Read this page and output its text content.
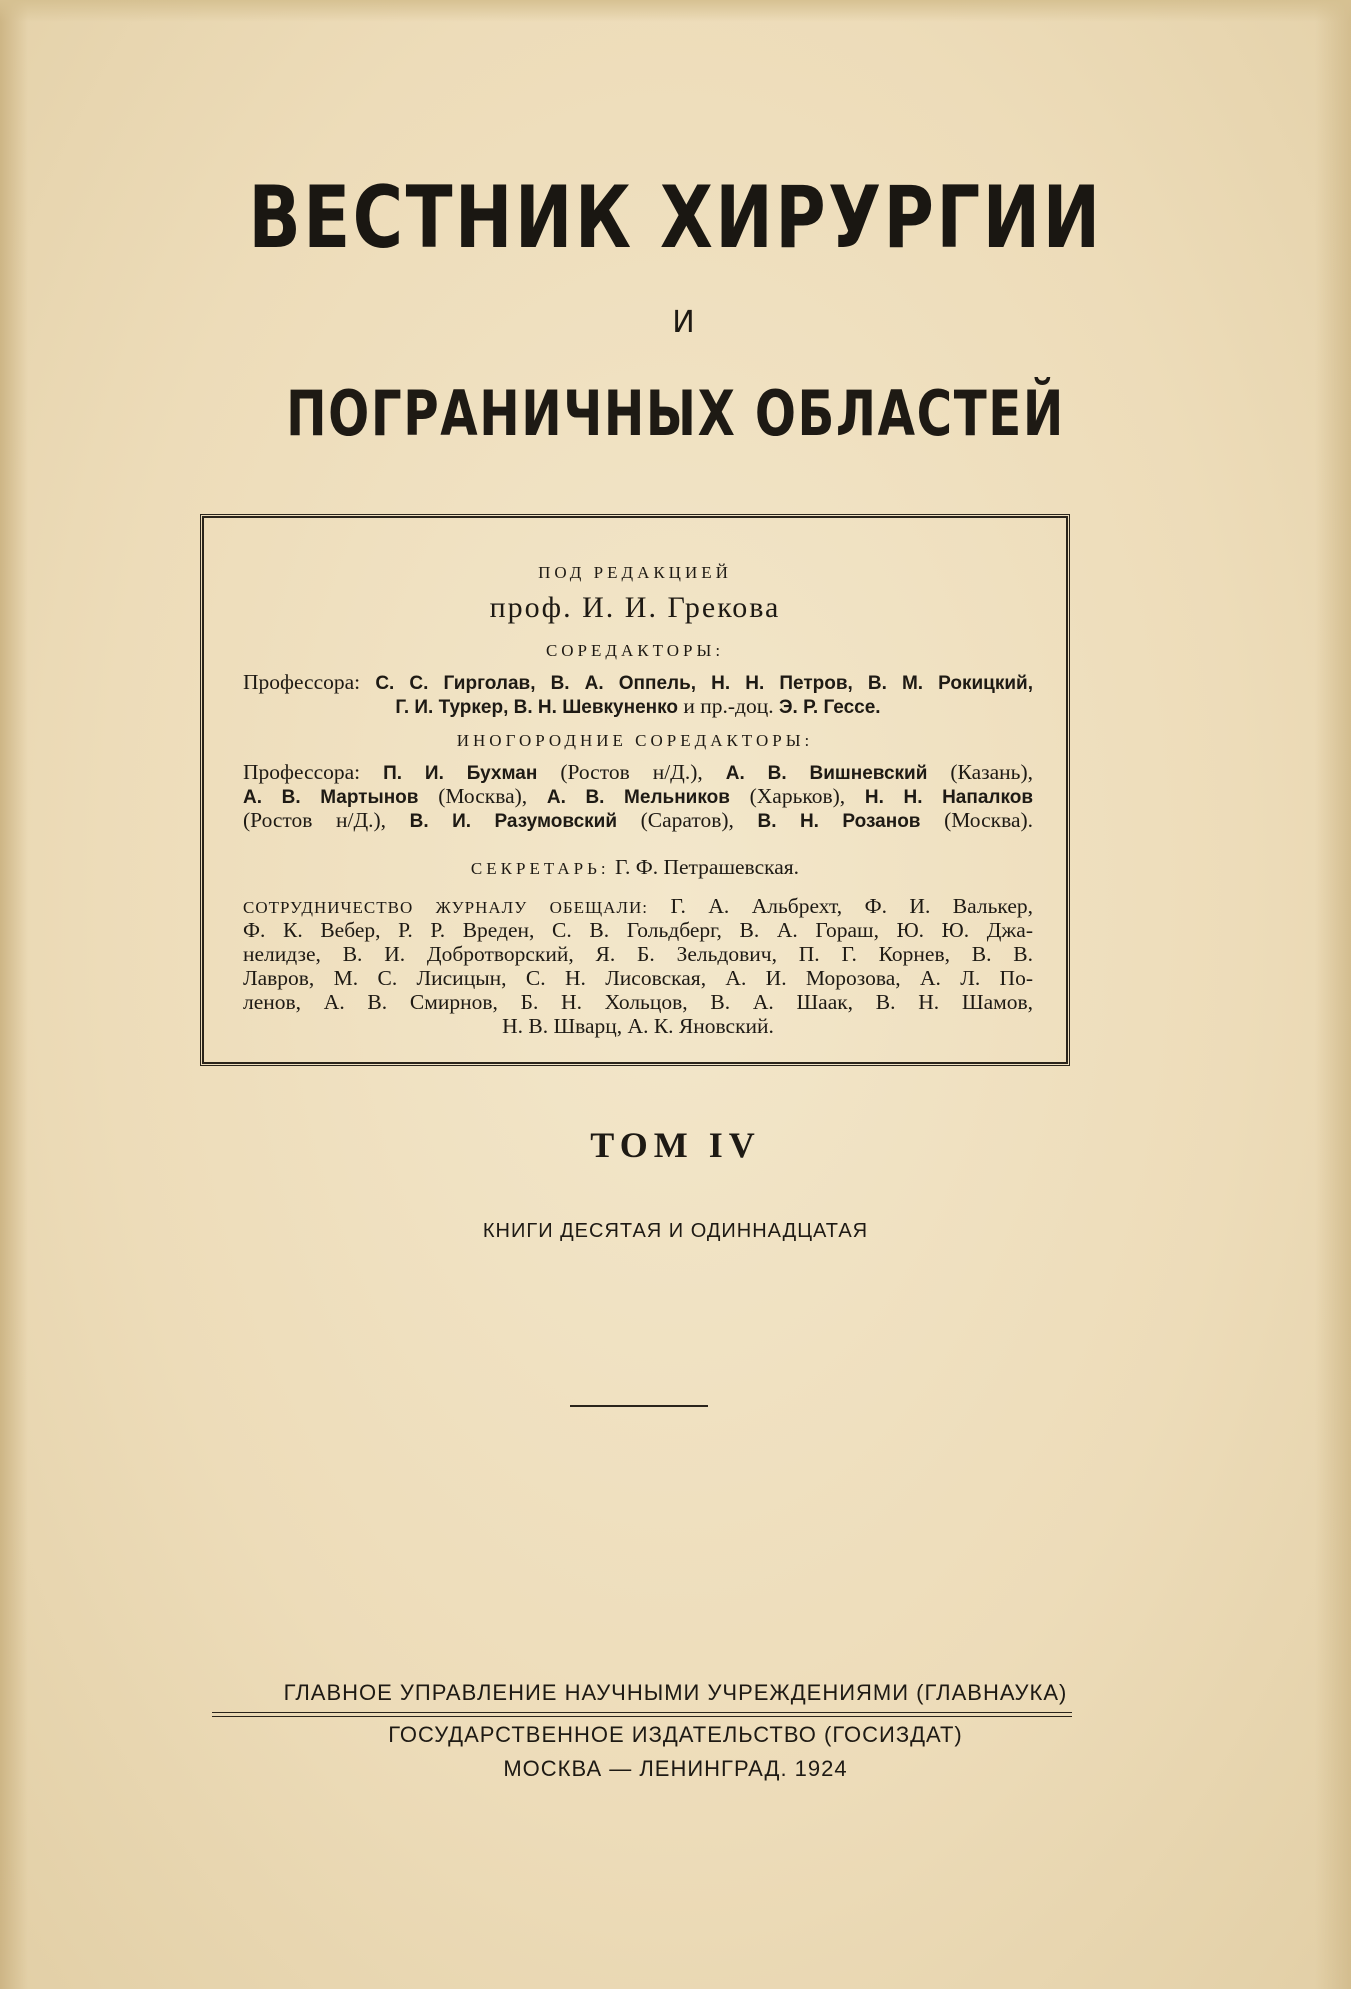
ВЕСТНИК ХИРУРГИИ
И
ПОГРАНИЧНЫХ ОБЛАСТЕЙ
ПОД РЕДАКЦИЕЙ
проф. И. И. Грекова
СОРЕДАКТОРЫ:
Профессора: С. С. Гирголав, В. А. Оппель, Н. Н. Петров, В. М. Рокицкий,
Г. И. Туркер, В. Н. Шевкуненко и пр.-доц. Э. Р. Гессе.
ИНОГОРОДНИЕ СОРЕДАКТОРЫ:
Профессора: П. И. Бухман (Ростов н/Д.), А. В. Вишневский (Казань),
А. В. Мартынов (Москва), А. В. Мельников (Харьков), Н. Н. Напалков
(Ростов н/Д.), В. И. Разумовский (Саратов), В. Н. Розанов (Москва).
СЕКРЕТАРЬ: Г. Ф. Петрашевская.
СОТРУДНИЧЕСТВО ЖУРНАЛУ ОБЕЩАЛИ: Г. А. Альбрехт, Ф. И. Валькер,
Ф. К. Вебер, Р. Р. Вреден, С. В. Гольдберг, В. А. Гораш, Ю. Ю. Джа-
нелидзе, В. И. Добротворский, Я. Б. Зельдович, П. Г. Корнев, В. В.
Лавров, М. С. Лисицын, С. Н. Лисовская, А. И. Морозова, А. Л. По-
ленов, А. В. Смирнов, Б. Н. Хольцов, В. А. Шаак, В. Н. Шамов,
Н. В. Шварц, А. К. Яновский.
ТОМ IV
КНИГИ ДЕСЯТАЯ И ОДИННАДЦАТАЯ
ГЛАВНОЕ УПРАВЛЕНИЕ НАУЧНЫМИ УЧРЕЖДЕНИЯМИ (ГЛАВНАУКА)
ГОСУДАРСТВЕННОЕ ИЗДАТЕЛЬСТВО (ГОСИЗДАТ)
МОСКВА — ЛЕНИНГРАД. 1924
